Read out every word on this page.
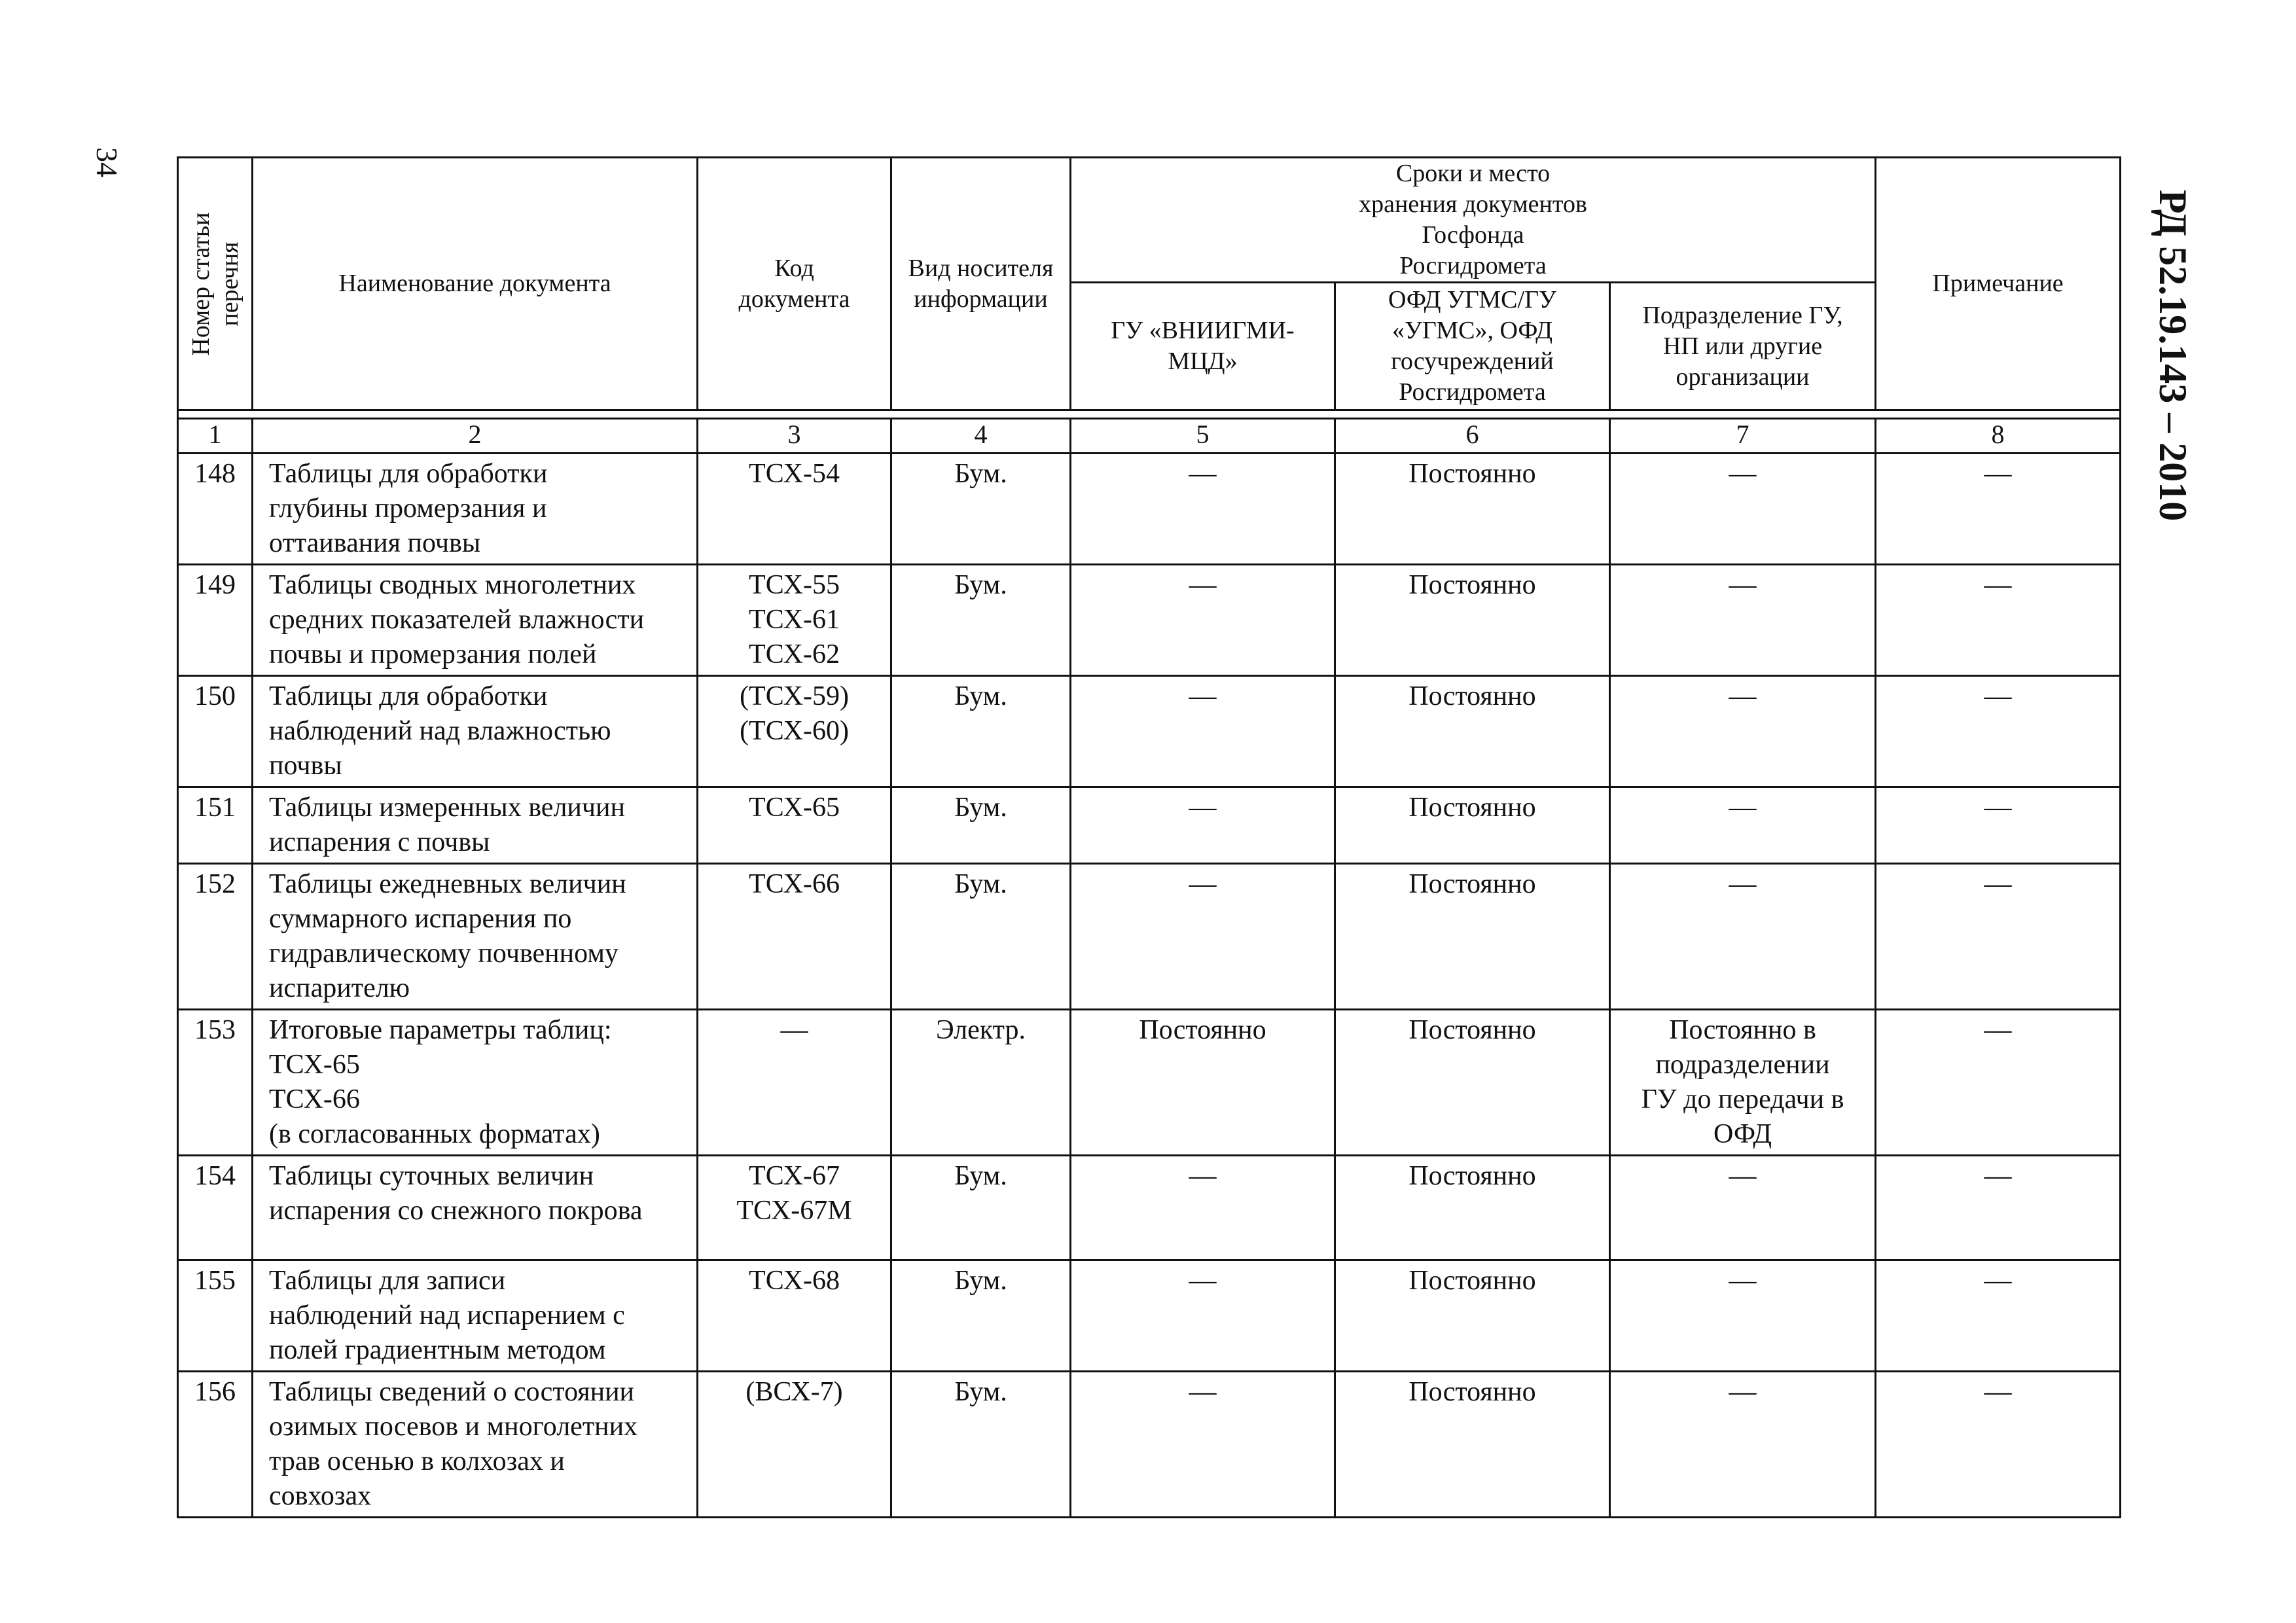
34
РД 52.19.143 – 2010
Номер статьи перечня	Наименование документа	Код документа	Вид носителя информации	Сроки и место хранения документов Госфонда Росгидромета			Примечание
				ГУ «ВНИИГМИ-МЦД»	ОФД УГМС/ГУ «УГМС», ОФД госучреждений Росгидромета	Подразделение ГУ, НП или другие организации	

1	2	3	4	5	6	7	8

148	Таблицы для обработки
глубины промерзания и
оттаивания почвы	ТСХ-54	Бум.	—	Постоянно	—	—

149	Таблицы сводных многолетних
средних показателей влажности
почвы и промерзания полей	ТСХ-55
ТСХ-61
ТСХ-62	Бум.	—	Постоянно	—	—

150	Таблицы для обработки
наблюдений над влажностью
почвы	(ТСХ-59)
(ТСХ-60)	Бум.	—	Постоянно	—	—

151	Таблицы измеренных величин
испарения с почвы	ТСХ-65	Бум.	—	Постоянно	—	—

152	Таблицы ежедневных величин
суммарного испарения по
гидравлическому почвенному
испарителю	ТСХ-66	Бум.	—	Постоянно	—	—

153	Итоговые параметры таблиц:
ТСХ-65
ТСХ-66
(в согласованных форматах)	—	Электр.	Постоянно	Постоянно	Постоянно в
подразделении
ГУ до передачи в
ОФД	—

154	Таблицы суточных величин
испарения со снежного покрова	ТСХ-67
ТСХ-67М	Бум.	—	Постоянно	—	—

155	Таблицы для записи
наблюдений над испарением с
полей градиентным методом	ТСХ-68	Бум.	—	Постоянно	—	—

156	Таблицы сведений о состоянии
озимых посевов и многолетних
трав осенью в колхозах и
совхозах	(ВСХ-7)	Бум.	—	Постоянно	—	—
